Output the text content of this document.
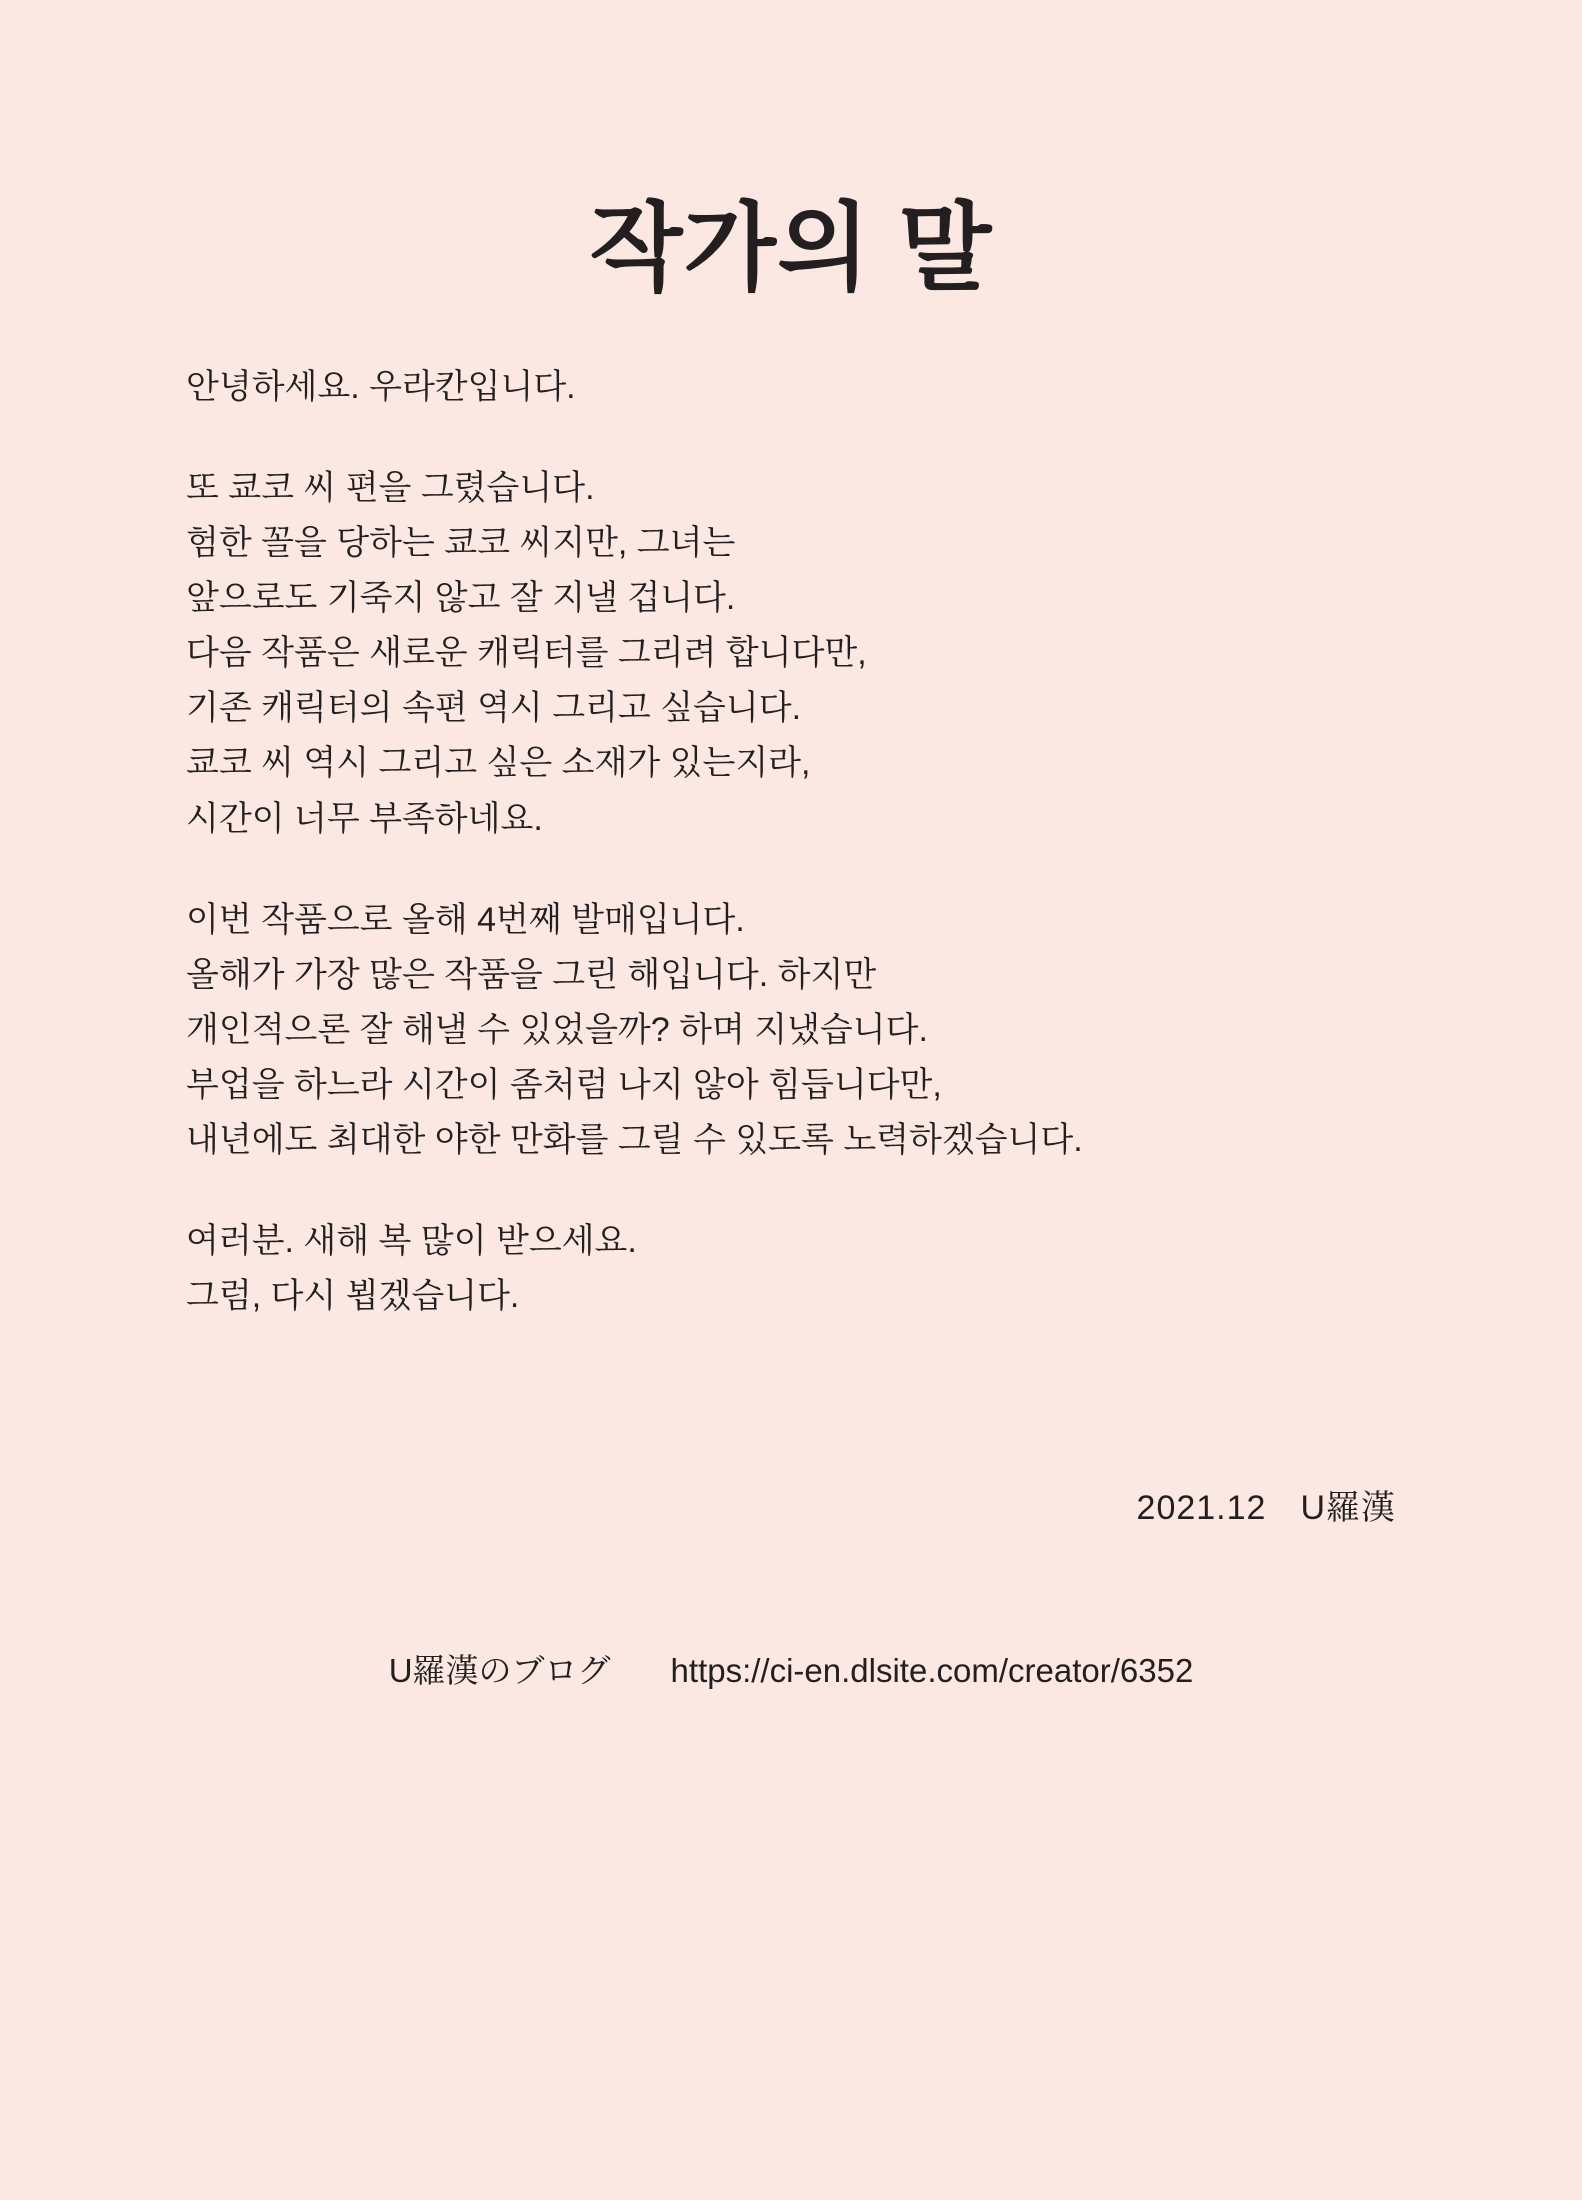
작가의 말

안녕하세요. 우라칸입니다.

또 쿄코 씨 편을 그렸습니다.
험한 꼴을 당하는 쿄코 씨지만, 그녀는
앞으로도 기죽지 않고 잘 지낼 겁니다.
다음 작품은 새로운 캐릭터를 그리려 합니다만,
기존 캐릭터의 속편 역시 그리고 싶습니다.
쿄코 씨 역시 그리고 싶은 소재가 있는지라,
시간이 너무 부족하네요.

이번 작품으로 올해 4번째 발매입니다.
올해가 가장 많은 작품을 그린 해입니다. 하지만
개인적으론 잘 해낼 수 있었을까? 하며 지냈습니다.
부업을 하느라 시간이 좀처럼 나지 않아 힘듭니다만,
내년에도 최대한 야한 만화를 그릴 수 있도록 노력하겠습니다.

여러분. 새해 복 많이 받으세요.
그럼, 다시 뵙겠습니다.

2021.12 U羅漢
U羅漢のブログ https://ci-en.dlsite.com/creator/6352
